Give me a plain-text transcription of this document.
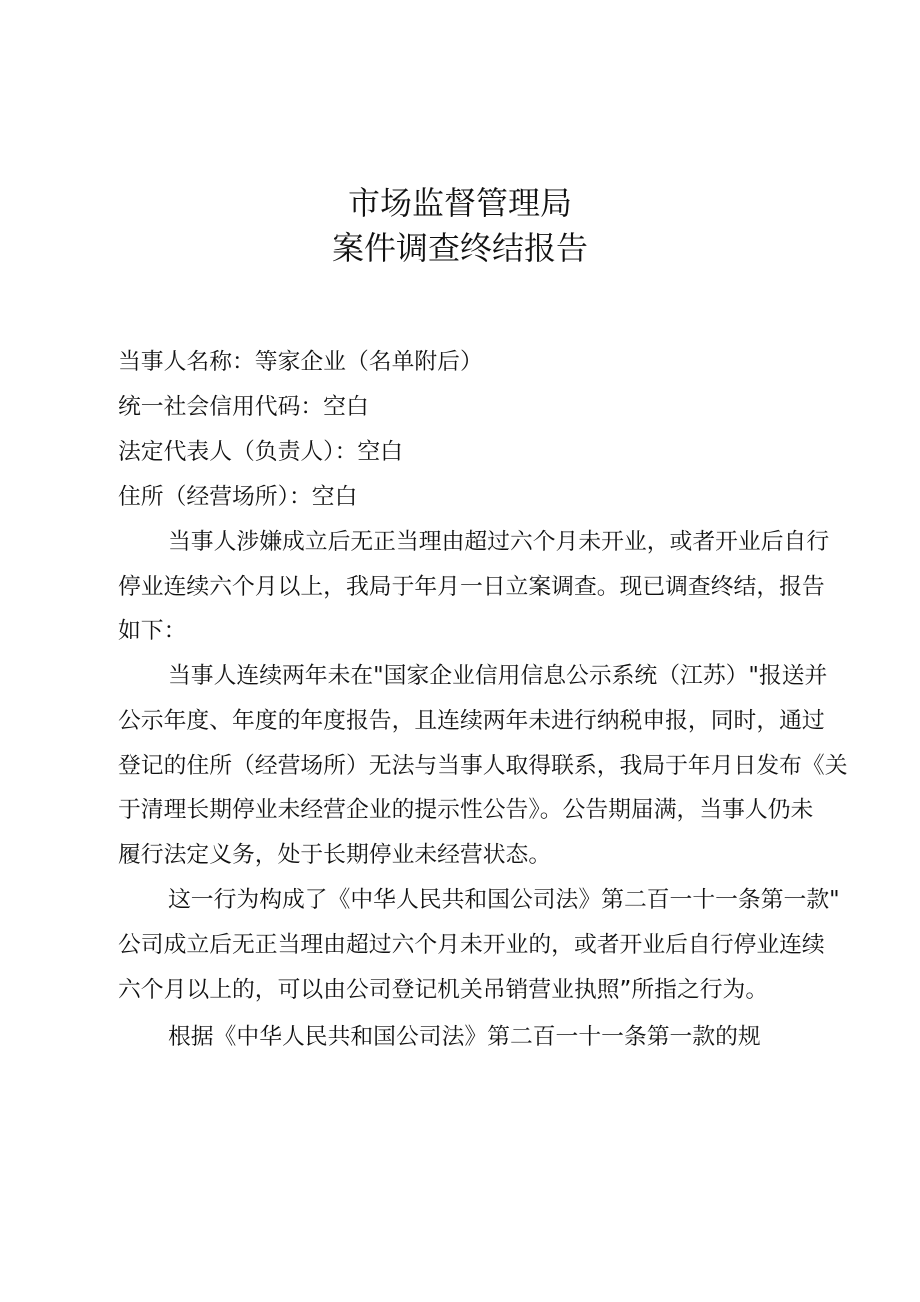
市场监督管理局
案件调查终结报告
当事人名称：等家企业（名单附后）
统一社会信用代码：空白
法定代表人（负责人）：空白
住所（经营场所）：空白
当事人涉嫌成立后无正当理由超过六个月未开业，或者开业后自行
停业连续六个月以上，我局于年月一日立案调查。现已调查终结，报告
如下：
当事人连续两年未在"国家企业信用信息公示系统（江苏）"报送并
公示年度、年度的年度报告，且连续两年未进行纳税申报，同时，通过
登记的住所（经营场所）无法与当事人取得联系，我局于年月日发布《关
于清理长期停业未经营企业的提示性公告》。公告期届满，当事人仍未
履行法定义务，处于长期停业未经营状态。
这一行为构成了《中华人民共和国公司法》第二百一十一条第一款"
公司成立后无正当理由超过六个月未开业的，或者开业后自行停业连续
六个月以上的，可以由公司登记机关吊销营业执照”所指之行为。
根据《中华人民共和国公司法》第二百一十一条第一款的规
